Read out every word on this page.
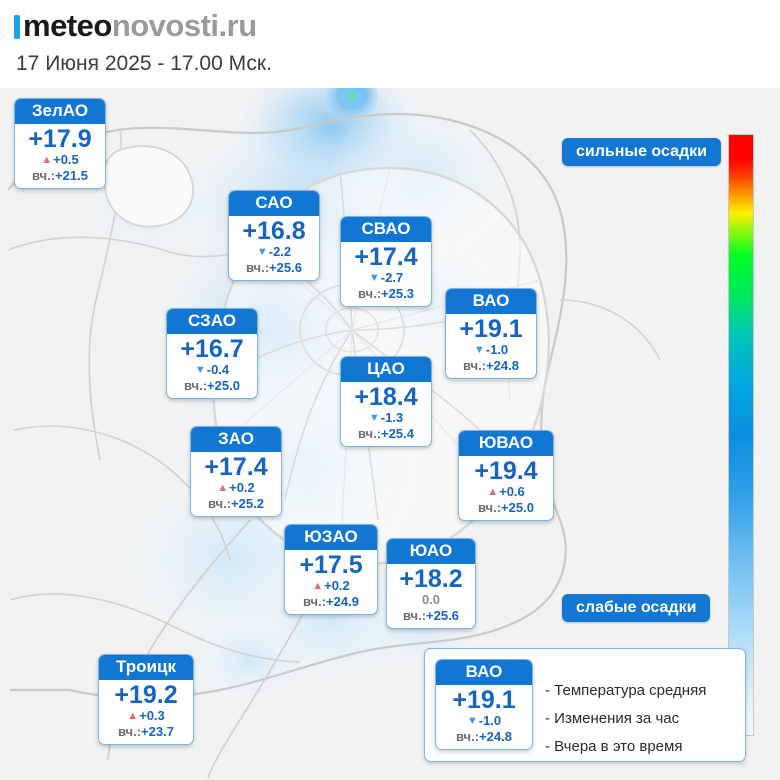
meteonovosti.ru
17 Июня 2025 - 17.00 Мск.
сильные осадки
слабые осадки
ЗелАО
+17.9
▲+0.5
вч.:+21.5
САО
+16.8
▼-2.2
вч.:+25.6
СВАО
+17.4
▼-2.7
вч.:+25.3	ВАО
+19.1
▼-1.0
вч.:+24.8
СЗАО
+16.7
▼-0.4
вч.:+25.0
ЦАО
+18.4
▼-1.3
вч.:+25.4
ЗАО
+17.4
▲+0.2
вч.:+25.2
ЮВАО
+19.4
▲+0.6
вч.:+25.0
ЮЗАО
+17.5
▲+0.2
вч.:+24.9
ЮАО
+18.2
0.0
вч.:+25.6
Троицк
+19.2
▲+0.3
вч.:+23.7
ВАО
+19.1
▼-1.0
вч.:+24.8
- Температура средняя
- Изменения за час
- Вчера в это время
